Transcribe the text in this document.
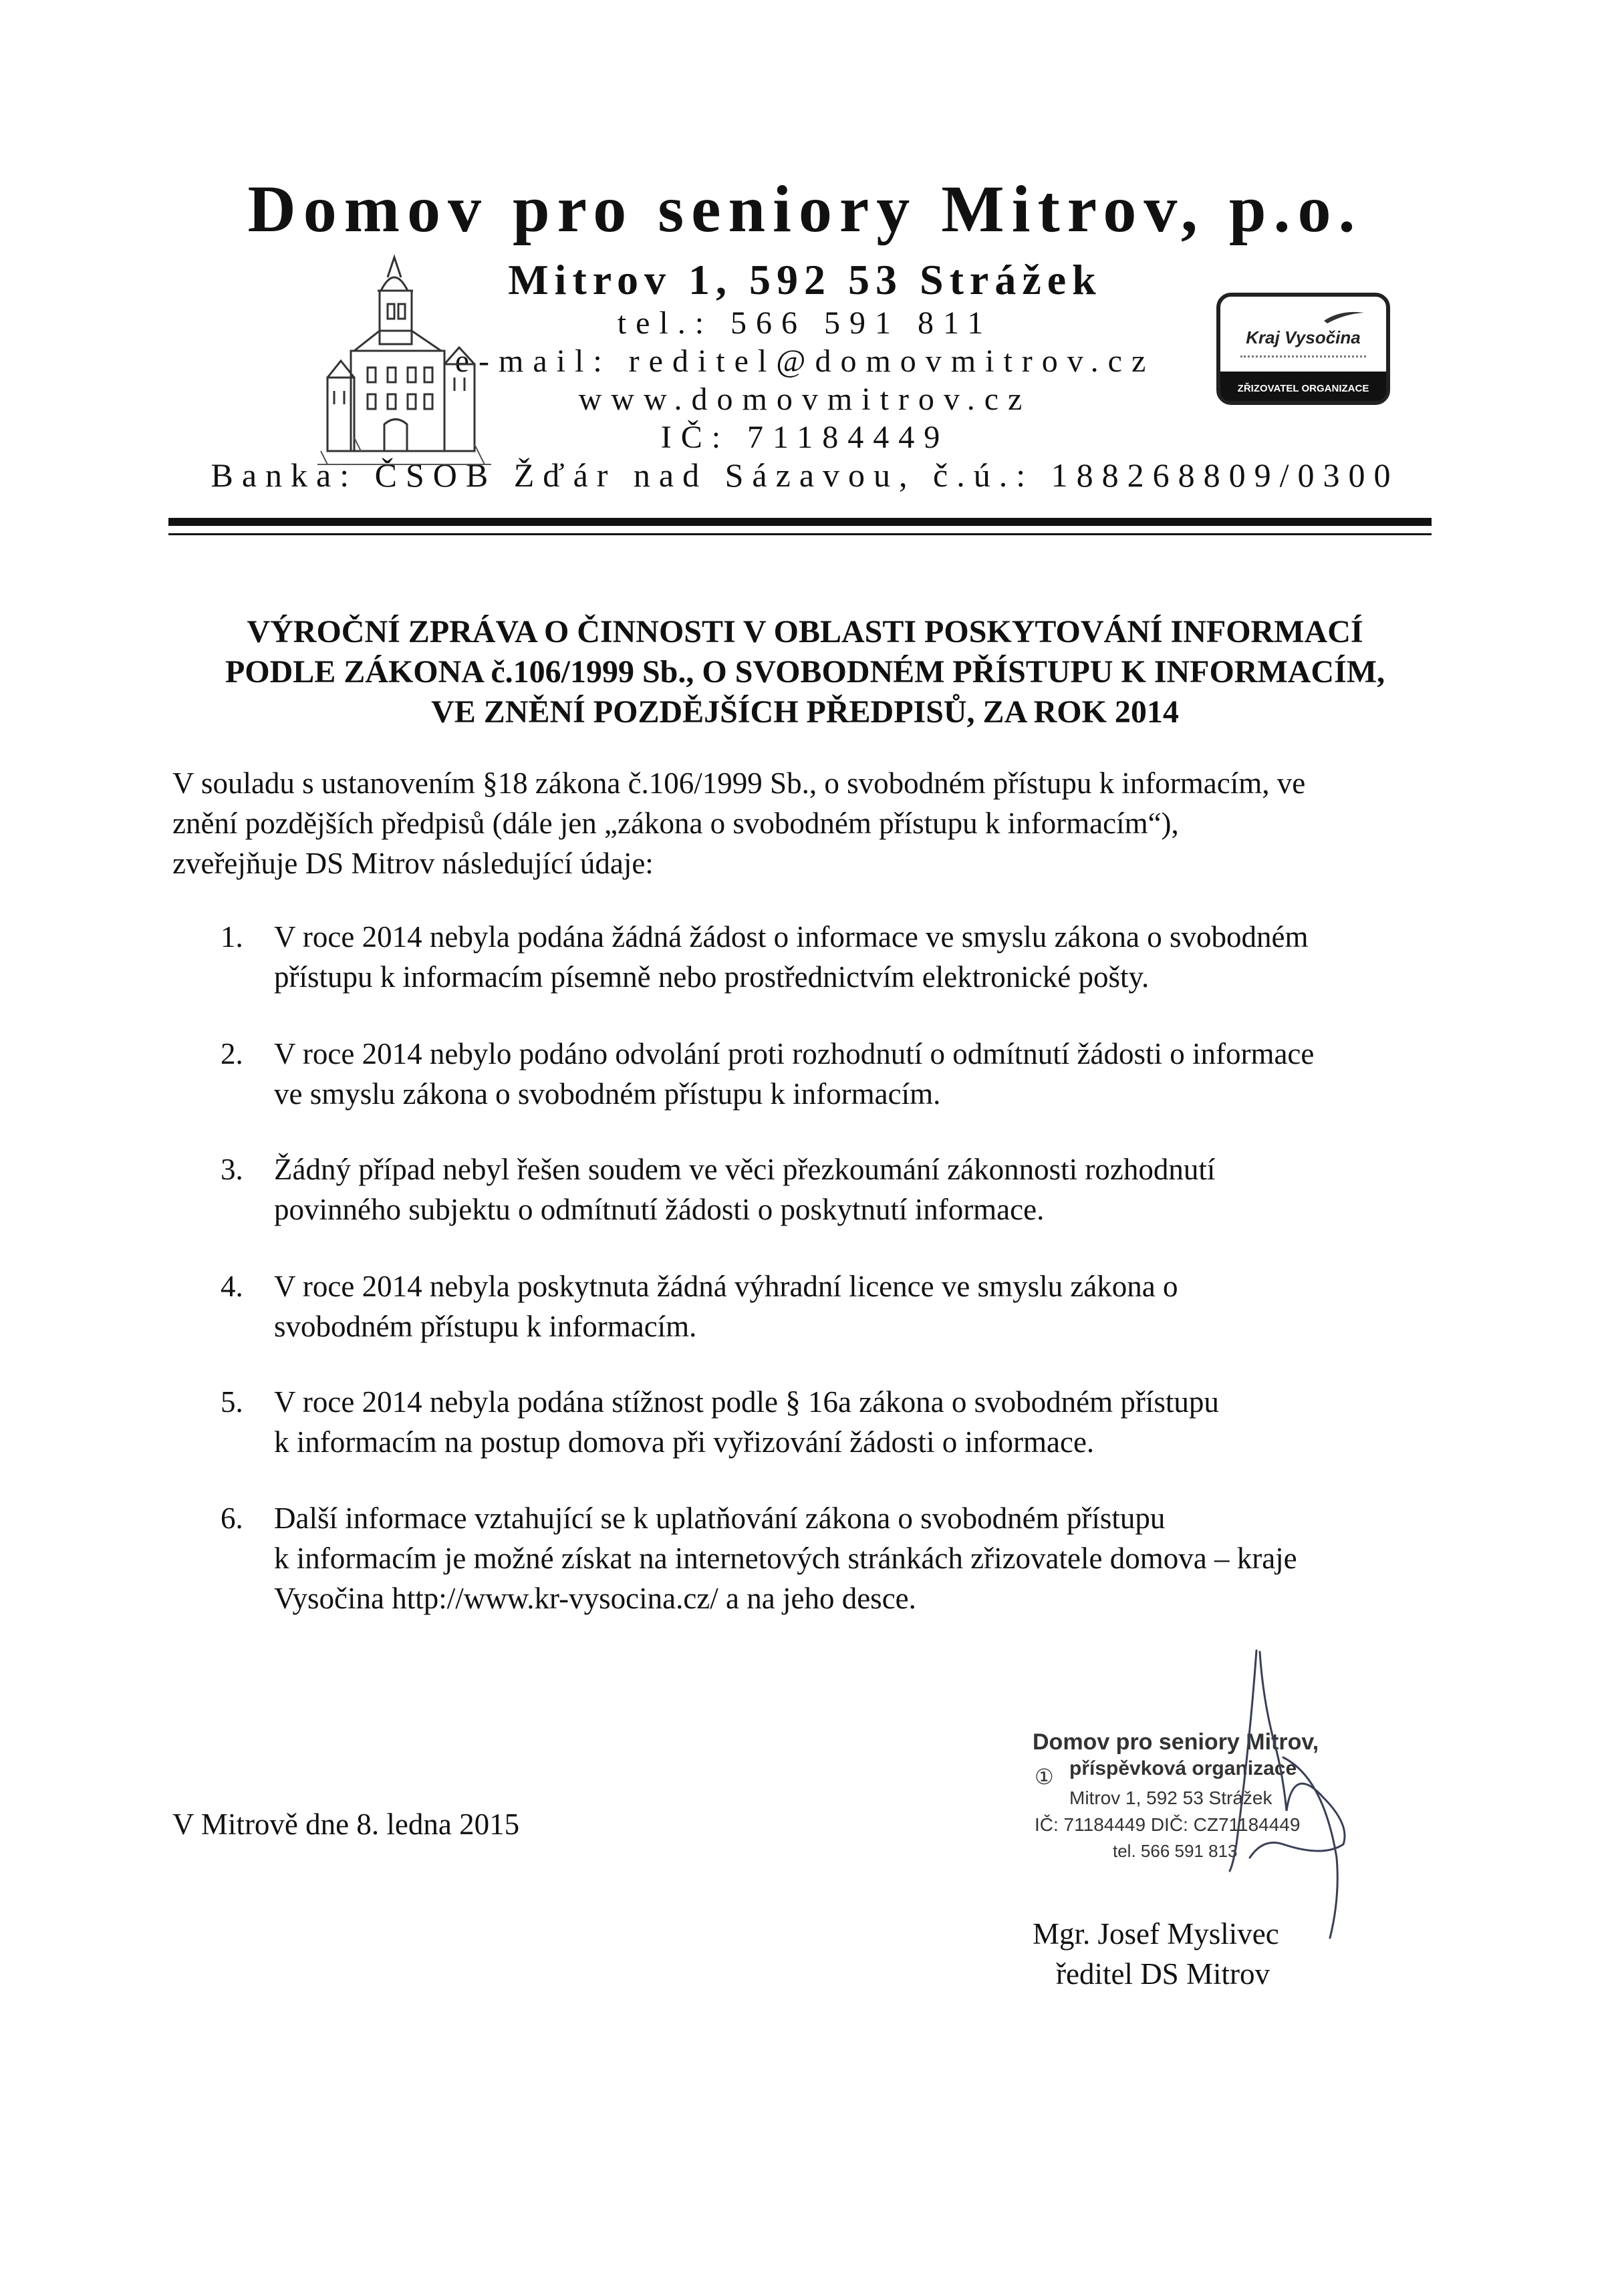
Domov pro seniory Mitrov, p.o.
Mitrov 1, 592 53 Strážek
tel.: 566 591 811
e-mail: reditel@domovmitrov.cz
www.domovmitrov.cz
IČ: 71184449
Banka: ČSOB Žďár nad Sázavou, č.ú.: 188268809/0300
Kraj Vysočina
ZŘIZOVATEL ORGANIZACE
VÝROČNÍ ZPRÁVA O ČINNOSTI V OBLASTI POSKYTOVÁNÍ INFORMACÍ
PODLE ZÁKONA č.106/1999 Sb., O SVOBODNÉM PŘÍSTUPU K INFORMACÍM,
VE ZNĚNÍ POZDĚJŠÍCH PŘEDPISŮ, ZA ROK 2014
V souladu s ustanovením §18 zákona č.106/1999 Sb., o svobodném přístupu k informacím, ve
znění pozdějších předpisů (dále jen „zákona o svobodném přístupu k informacím“),
zveřejňuje DS Mitrov následující údaje:
1. V roce 2014 nebyla podána žádná žádost o informace ve smyslu zákona o svobodném
přístupu k informacím písemně nebo prostřednictvím elektronické pošty.
2. V roce 2014 nebylo podáno odvolání proti rozhodnutí o odmítnutí žádosti o informace
ve smyslu zákona o svobodném přístupu k informacím.
3. Žádný případ nebyl řešen soudem ve věci přezkoumání zákonnosti rozhodnutí
povinného subjektu o odmítnutí žádosti o poskytnutí informace.
4. V roce 2014 nebyla poskytnuta žádná výhradní licence ve smyslu zákona o
svobodném přístupu k informacím.
5. V roce 2014 nebyla podána stížnost podle § 16a zákona o svobodném přístupu
k informacím na postup domova při vyřizování žádosti o informace.
6. Další informace vztahující se k uplatňování zákona o svobodném přístupu
k informacím je možné získat na internetových stránkách zřizovatele domova – kraje
Vysočina http://www.kr-vysocina.cz/ a na jeho desce.
Domov pro seniory Mitrov,
① příspěvková organizace
Mitrov 1, 592 53 Strážek
IČ: 71184449 DIČ: CZ71184449
tel. 566 591 813
V Mitrově dne 8. ledna 2015
Mgr. Josef Myslivec
ředitel DS Mitrov
